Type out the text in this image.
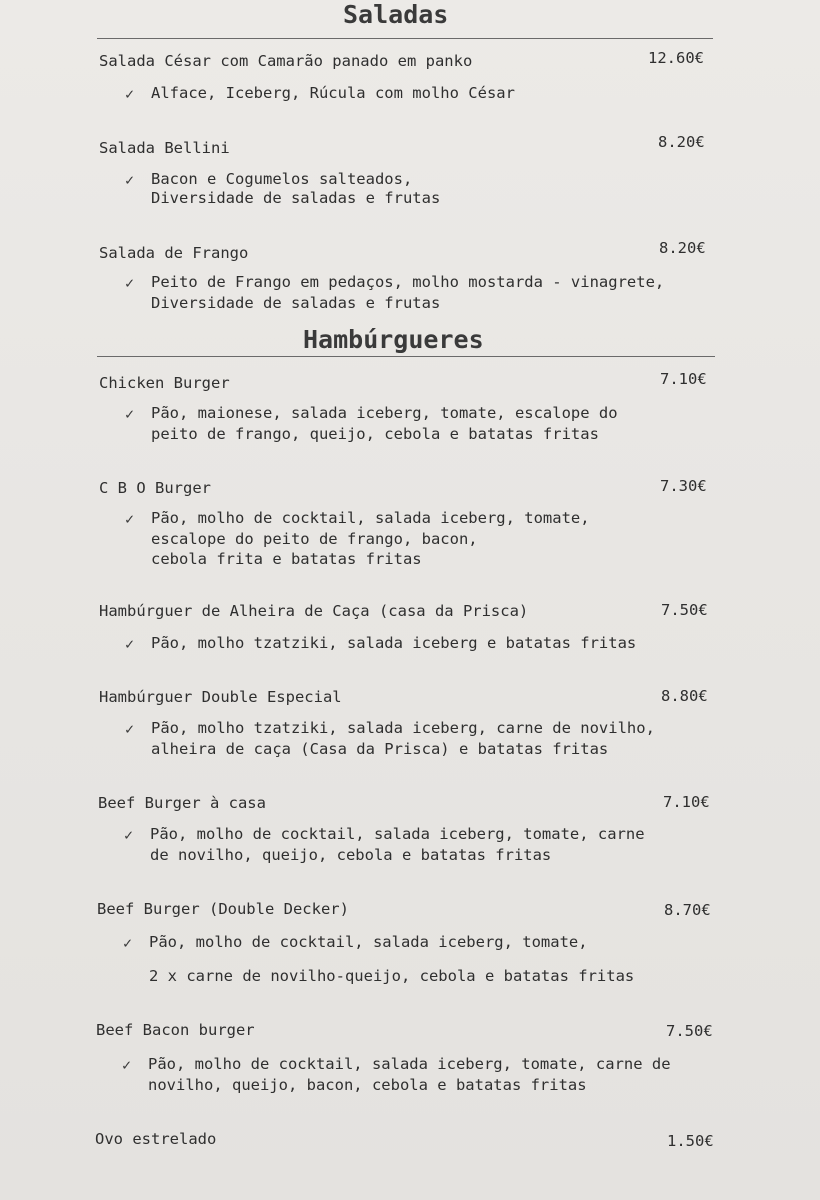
Saladas
Salada César com Camarão panado em panko	12.60€
✓ Alface, Iceberg, Rúcula com molho César
Salada Bellini	8.20€
✓ Bacon e Cogumelos salteados,
Diversidade de saladas e frutas
Salada de Frango	8.20€
✓ Peito de Frango em pedaços, molho mostarda - vinagrete,
Diversidade de saladas e frutas
Hambúrgueres
Chicken Burger	7.10€
✓ Pão, maionese, salada iceberg, tomate, escalope do
peito de frango, queijo, cebola e batatas fritas
C B O Burger	7.30€
✓ Pão, molho de cocktail, salada iceberg, tomate,
escalope do peito de frango, bacon,
cebola frita e batatas fritas
Hambúrguer de Alheira de Caça (casa da Prisca)	7.50€
✓ Pão, molho tzatziki, salada iceberg e batatas fritas
Hambúrguer Double Especial	8.80€
✓ Pão, molho tzatziki, salada iceberg, carne de novilho,
alheira de caça (Casa da Prisca) e batatas fritas
Beef Burger à casa	7.10€
✓ Pão, molho de cocktail, salada iceberg, tomate, carne
de novilho, queijo, cebola e batatas fritas
Beef Burger (Double Decker)	8.70€
✓ Pão, molho de cocktail, salada iceberg, tomate,
2 x carne de novilho-queijo, cebola e batatas fritas
Beef Bacon burger	7.50€
✓ Pão, molho de cocktail, salada iceberg, tomate, carne de
novilho, queijo, bacon, cebola e batatas fritas
Ovo estrelado	1.50€
